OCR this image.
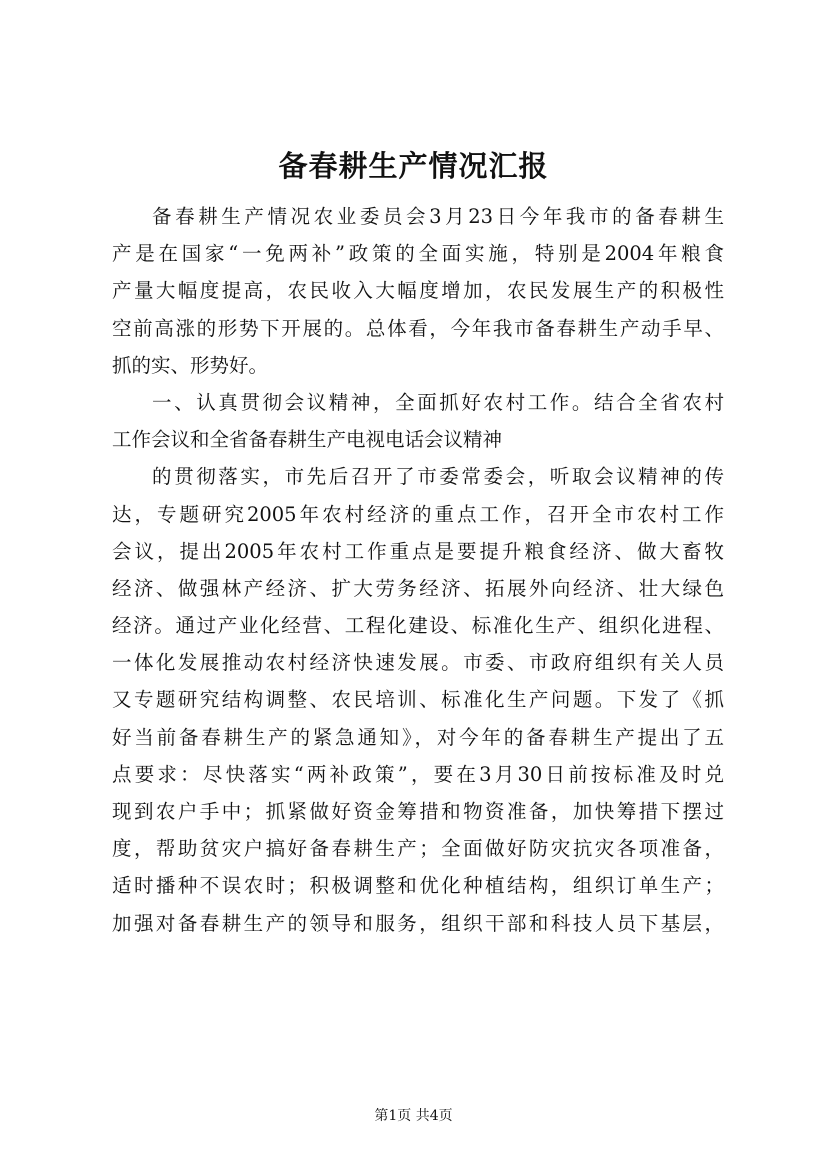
备春耕生产情况汇报
备春耕生产情况农业委员会3月23日今年我市的备春耕生
产是在国家“一免两补”政策的全面实施，特别是2004年粮食
产量大幅度提高，农民收入大幅度增加，农民发展生产的积极性
空前高涨的形势下开展的。总体看，今年我市备春耕生产动手早、
抓的实、形势好。
一、认真贯彻会议精神，全面抓好农村工作。结合全省农村
工作会议和全省备春耕生产电视电话会议精神
的贯彻落实，市先后召开了市委常委会，听取会议精神的传
达，专题研究2005年农村经济的重点工作，召开全市农村工作
会议，提出2005年农村工作重点是要提升粮食经济、做大畜牧
经济、做强林产经济、扩大劳务经济、拓展外向经济、壮大绿色
经济。通过产业化经营、工程化建设、标准化生产、组织化进程、
一体化发展推动农村经济快速发展。市委、市政府组织有关人员
又专题研究结构调整、农民培训、标准化生产问题。下发了《抓
好当前备春耕生产的紧急通知》，对今年的备春耕生产提出了五
点要求：尽快落实“两补政策”，要在3月30日前按标准及时兑
现到农户手中；抓紧做好资金筹措和物资准备，加快筹措下摆过
度，帮助贫灾户搞好备春耕生产；全面做好防灾抗灾各项准备，
适时播种不误农时；积极调整和优化种植结构，组织订单生产；
加强对备春耕生产的领导和服务，组织干部和科技人员下基层，
第1页 共4页
